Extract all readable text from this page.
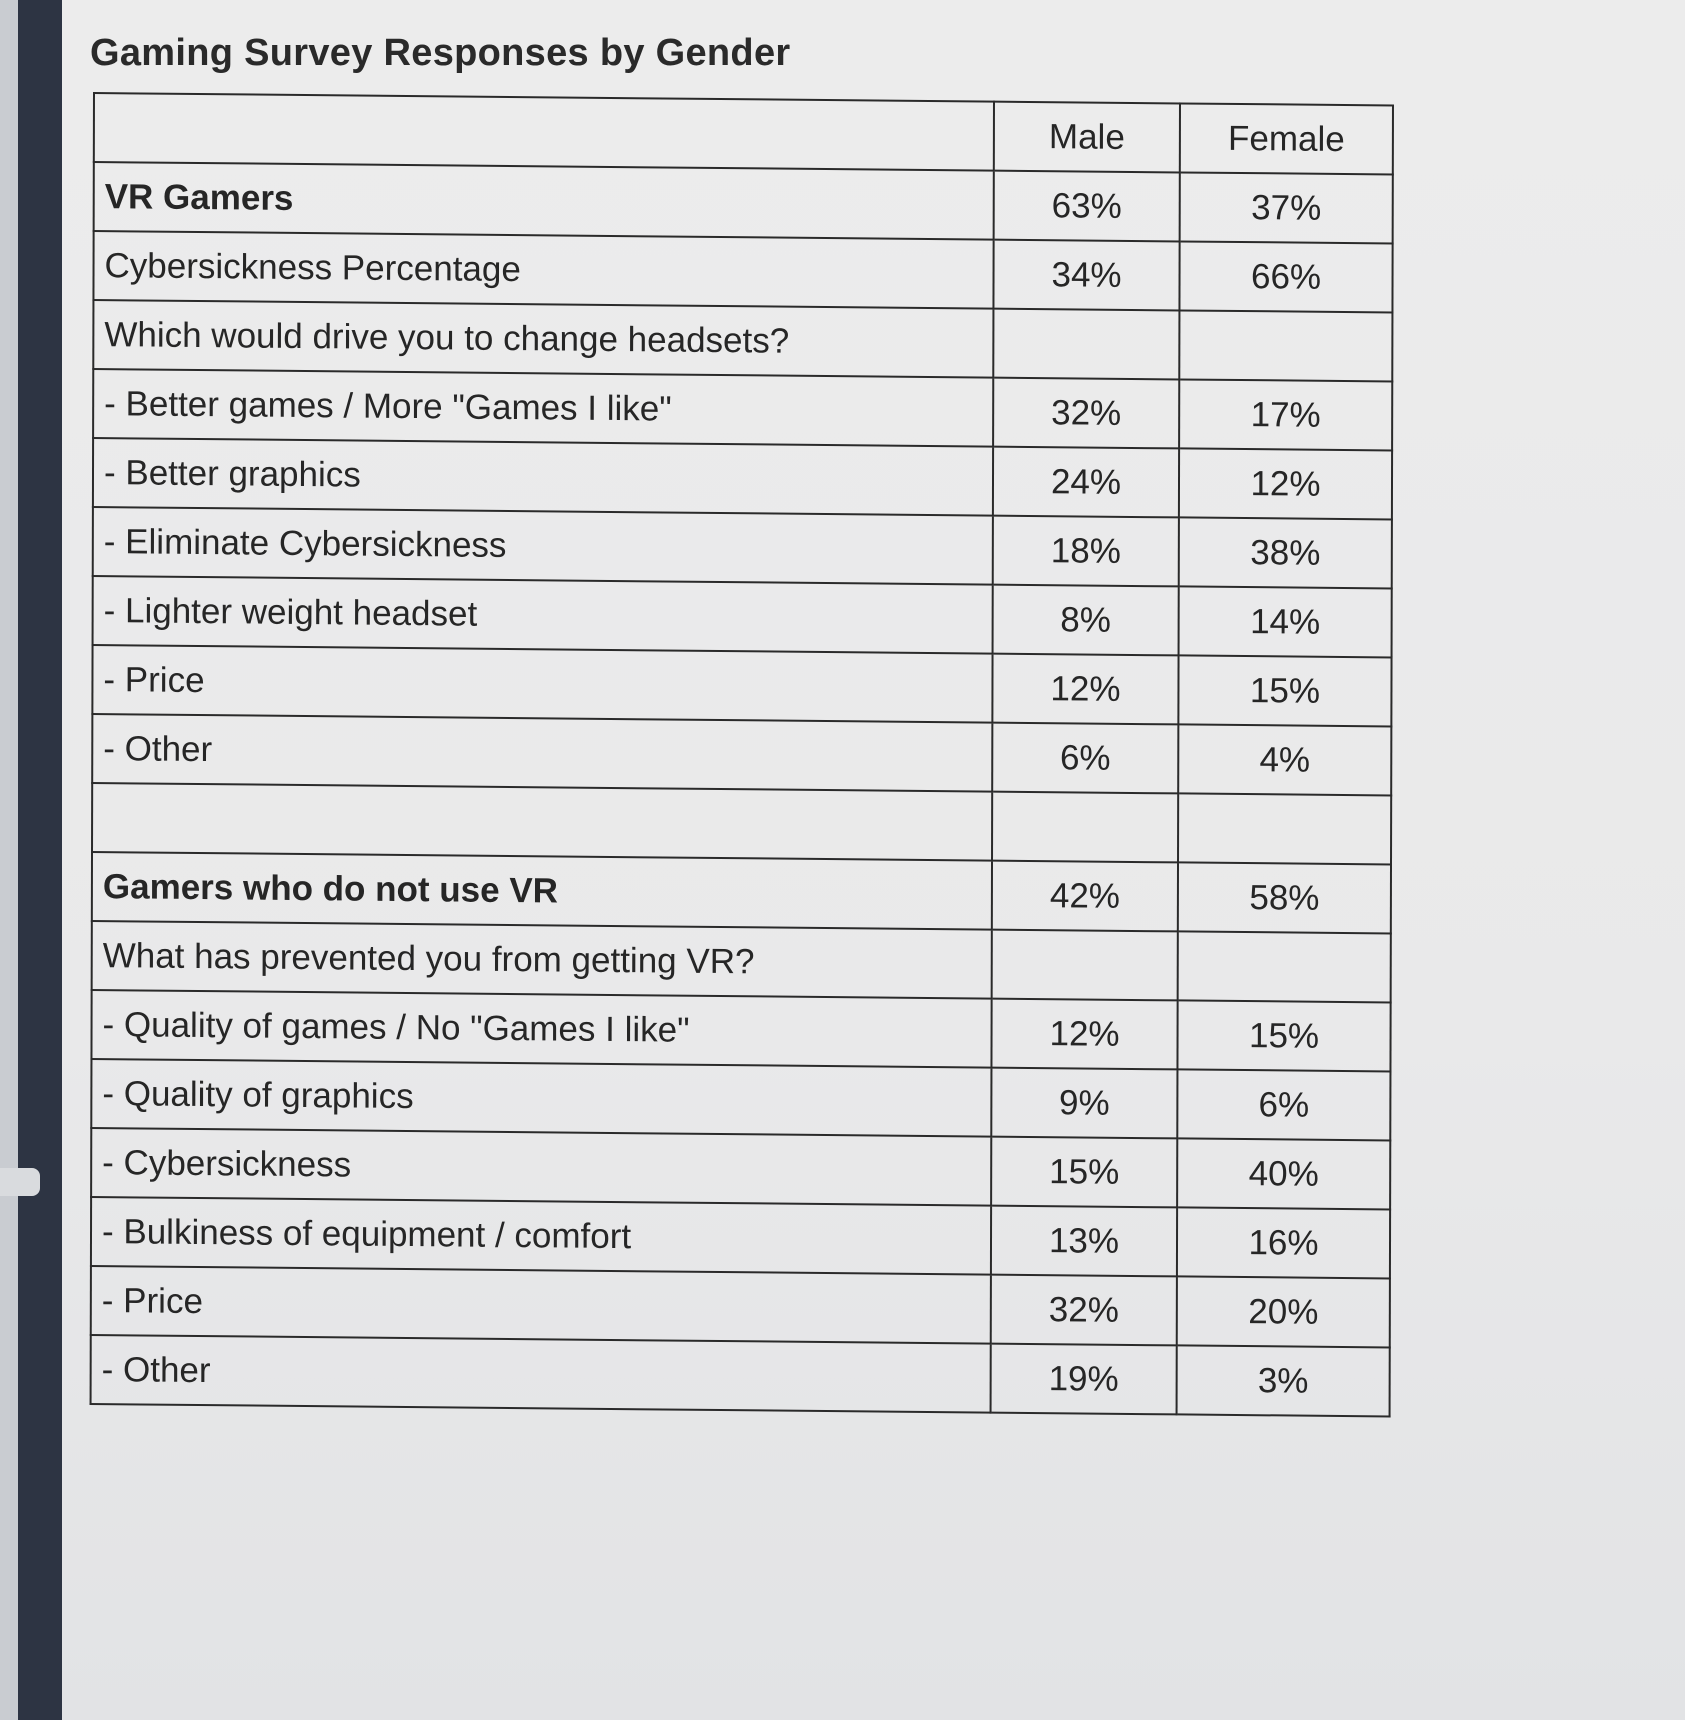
Gaming Survey Responses by Gender
	Male	Female
VR Gamers	63%	37%
Cybersickness Percentage	34%	66%
Which would drive you to change headsets?		
- Better games / More "Games I like"	32%	17%
- Better graphics	24%	12%
- Eliminate Cybersickness	18%	38%
- Lighter weight headset	8%	14%
- Price	12%	15%
- Other	6%	4%

Gamers who do not use VR	42%	58%
What has prevented you from getting VR?		
- Quality of games / No "Games I like"	12%	15%
- Quality of graphics	9%	6%
- Cybersickness	15%	40%
- Bulkiness of equipment / comfort	13%	16%
- Price	32%	20%
- Other	19%	3%
